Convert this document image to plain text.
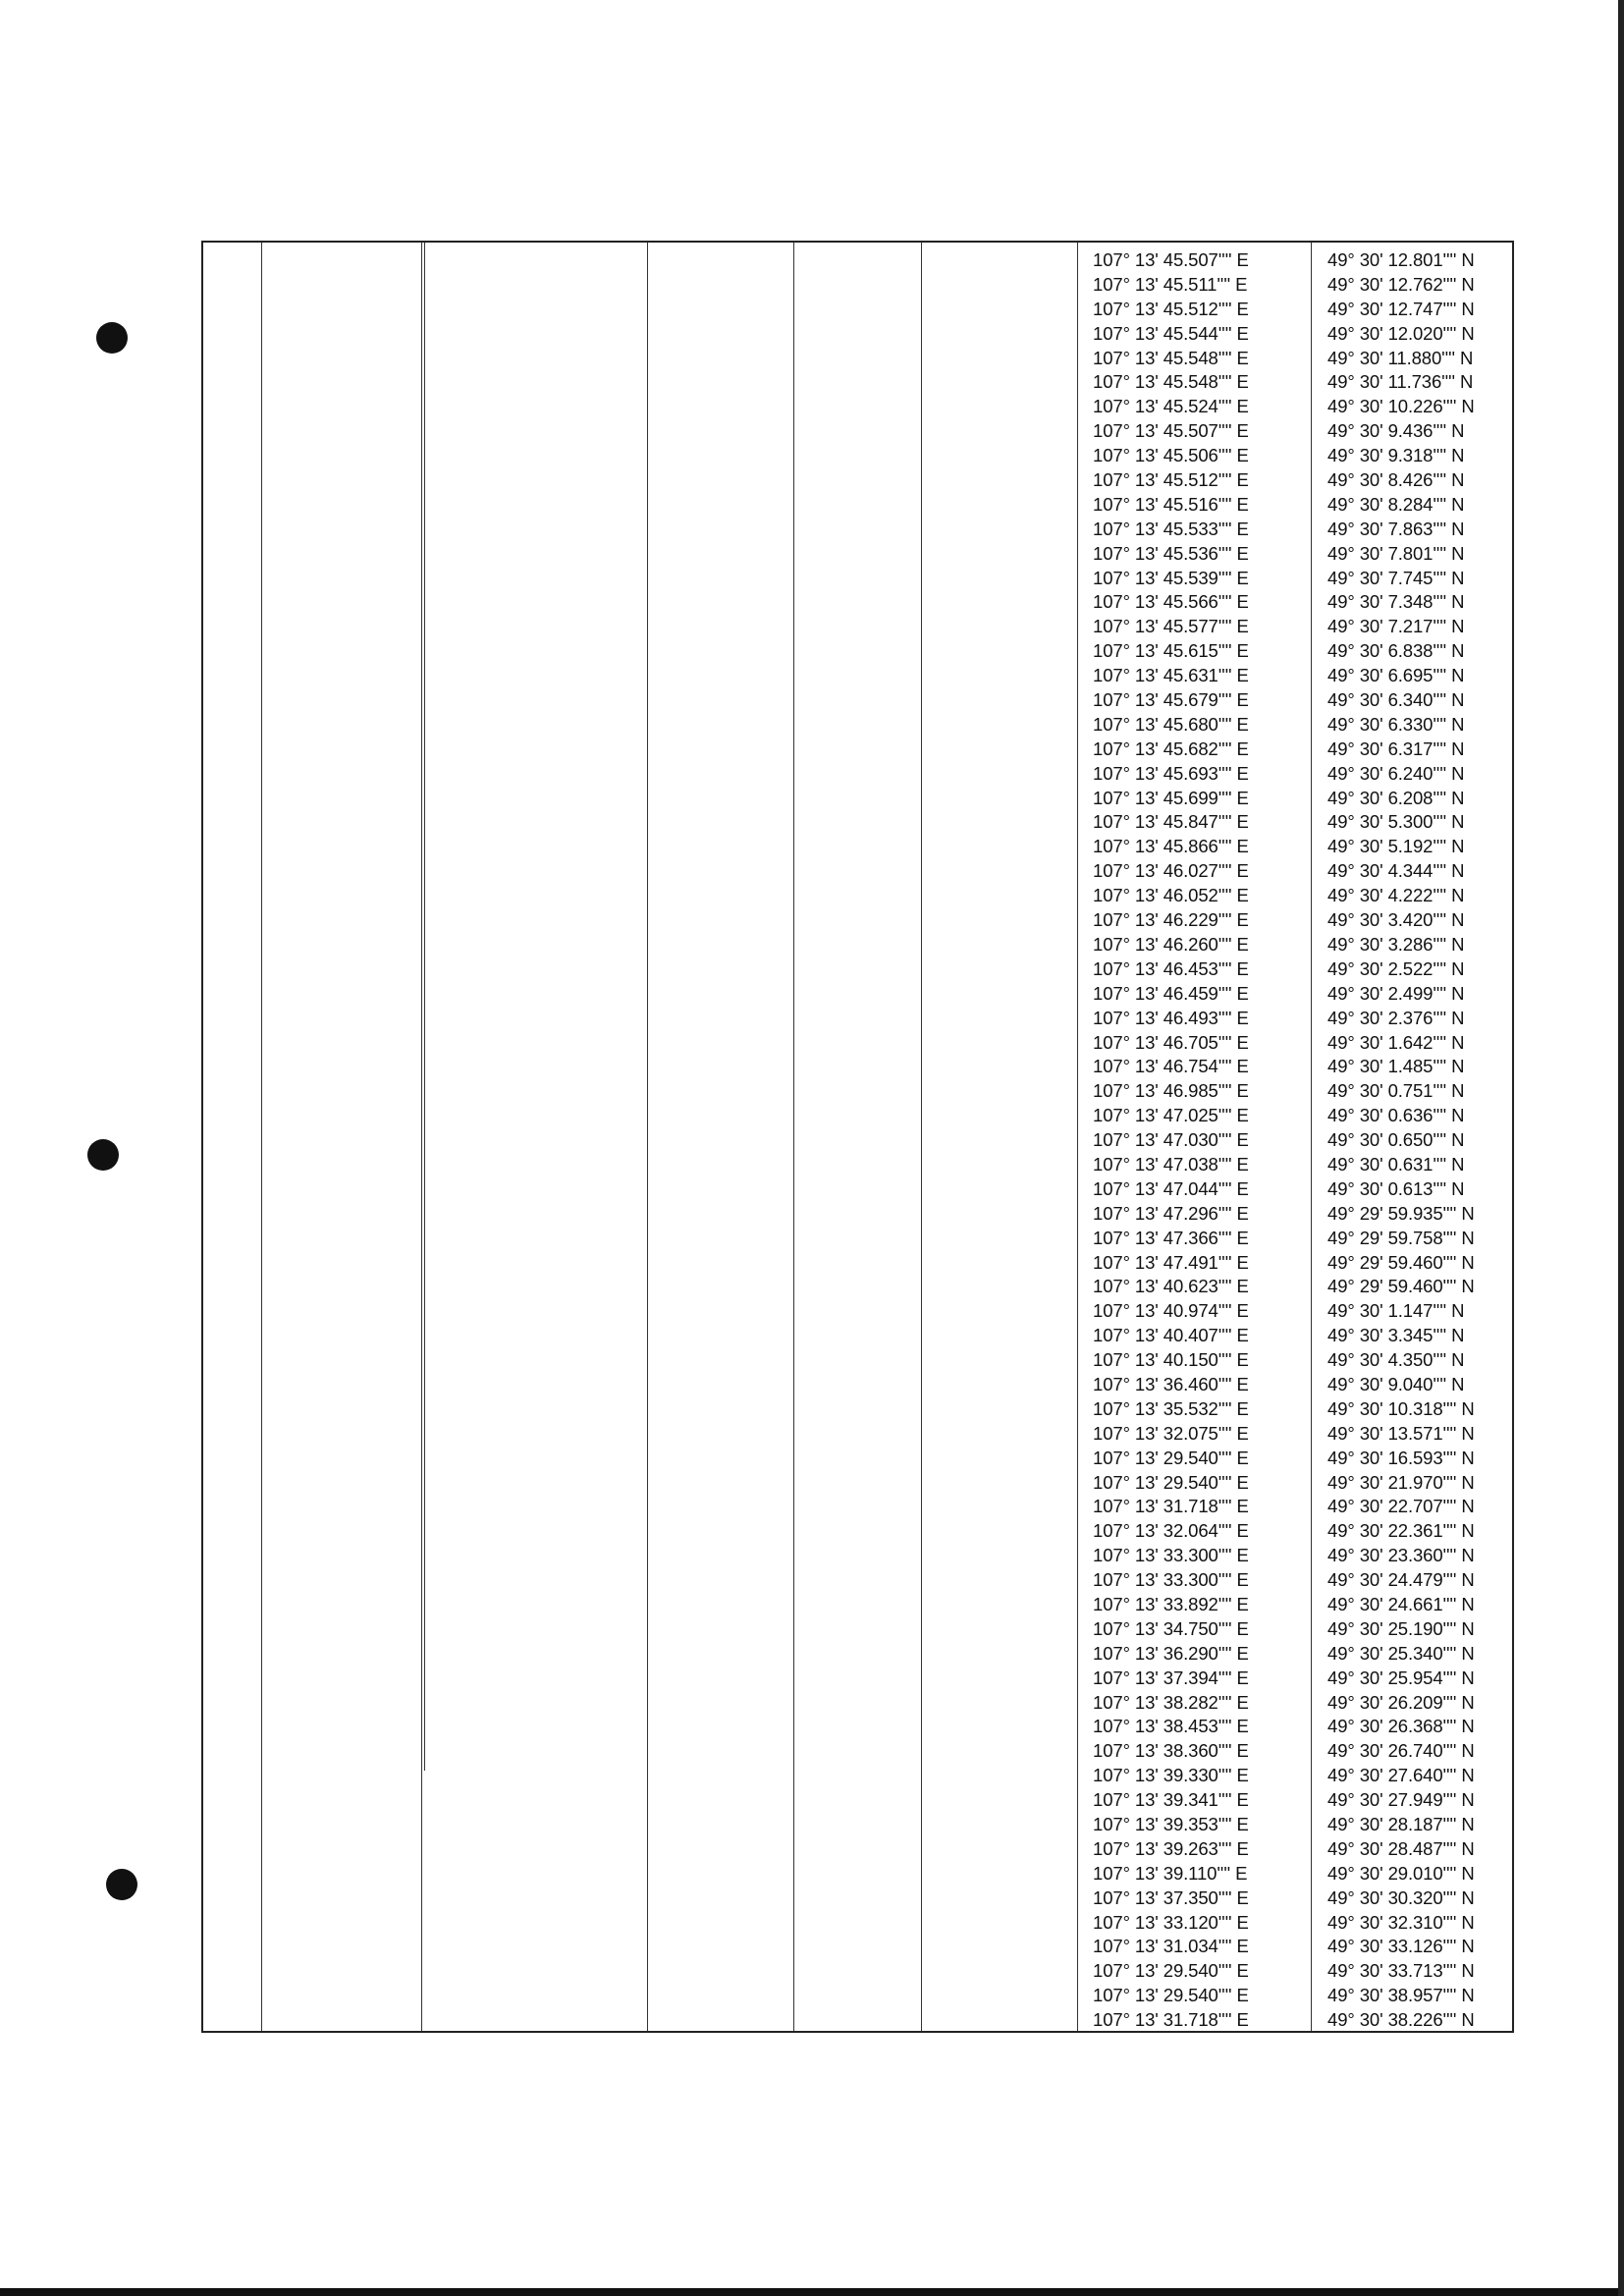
107° 13' 45.507'''' E
107° 13' 45.511'''' E
107° 13' 45.512'''' E
107° 13' 45.544'''' E
107° 13' 45.548'''' E
107° 13' 45.548'''' E
107° 13' 45.524'''' E
107° 13' 45.507'''' E
107° 13' 45.506'''' E
107° 13' 45.512'''' E
107° 13' 45.516'''' E
107° 13' 45.533'''' E
107° 13' 45.536'''' E
107° 13' 45.539'''' E
107° 13' 45.566'''' E
107° 13' 45.577'''' E
107° 13' 45.615'''' E
107° 13' 45.631'''' E
107° 13' 45.679'''' E
107° 13' 45.680'''' E
107° 13' 45.682'''' E
107° 13' 45.693'''' E
107° 13' 45.699'''' E
107° 13' 45.847'''' E
107° 13' 45.866'''' E
107° 13' 46.027'''' E
107° 13' 46.052'''' E
107° 13' 46.229'''' E
107° 13' 46.260'''' E
107° 13' 46.453'''' E
107° 13' 46.459'''' E
107° 13' 46.493'''' E
107° 13' 46.705'''' E
107° 13' 46.754'''' E
107° 13' 46.985'''' E
107° 13' 47.025'''' E
107° 13' 47.030'''' E
107° 13' 47.038'''' E
107° 13' 47.044'''' E
107° 13' 47.296'''' E
107° 13' 47.366'''' E
107° 13' 47.491'''' E
107° 13' 40.623'''' E
107° 13' 40.974'''' E
107° 13' 40.407'''' E
107° 13' 40.150'''' E
107° 13' 36.460'''' E
107° 13' 35.532'''' E
107° 13' 32.075'''' E
107° 13' 29.540'''' E
107° 13' 29.540'''' E
107° 13' 31.718'''' E
107° 13' 32.064'''' E
107° 13' 33.300'''' E
107° 13' 33.300'''' E
107° 13' 33.892'''' E
107° 13' 34.750'''' E
107° 13' 36.290'''' E
107° 13' 37.394'''' E
107° 13' 38.282'''' E
107° 13' 38.453'''' E
107° 13' 38.360'''' E
107° 13' 39.330'''' E
107° 13' 39.341'''' E
107° 13' 39.353'''' E
107° 13' 39.263'''' E
107° 13' 39.110'''' E
107° 13' 37.350'''' E
107° 13' 33.120'''' E
107° 13' 31.034'''' E
107° 13' 29.540'''' E
107° 13' 29.540'''' E
107° 13' 31.718'''' E
49° 30' 12.801'''' N
49° 30' 12.762'''' N
49° 30' 12.747'''' N
49° 30' 12.020'''' N
49° 30' 11.880'''' N
49° 30' 11.736'''' N
49° 30' 10.226'''' N
49° 30' 9.436'''' N
49° 30' 9.318'''' N
49° 30' 8.426'''' N
49° 30' 8.284'''' N
49° 30' 7.863'''' N
49° 30' 7.801'''' N
49° 30' 7.745'''' N
49° 30' 7.348'''' N
49° 30' 7.217'''' N
49° 30' 6.838'''' N
49° 30' 6.695'''' N
49° 30' 6.340'''' N
49° 30' 6.330'''' N
49° 30' 6.317'''' N
49° 30' 6.240'''' N
49° 30' 6.208'''' N
49° 30' 5.300'''' N
49° 30' 5.192'''' N
49° 30' 4.344'''' N
49° 30' 4.222'''' N
49° 30' 3.420'''' N
49° 30' 3.286'''' N
49° 30' 2.522'''' N
49° 30' 2.499'''' N
49° 30' 2.376'''' N
49° 30' 1.642'''' N
49° 30' 1.485'''' N
49° 30' 0.751'''' N
49° 30' 0.636'''' N
49° 30' 0.650'''' N
49° 30' 0.631'''' N
49° 30' 0.613'''' N
49° 29' 59.935'''' N
49° 29' 59.758'''' N
49° 29' 59.460'''' N
49° 29' 59.460'''' N
49° 30' 1.147'''' N
49° 30' 3.345'''' N
49° 30' 4.350'''' N
49° 30' 9.040'''' N
49° 30' 10.318'''' N
49° 30' 13.571'''' N
49° 30' 16.593'''' N
49° 30' 21.970'''' N
49° 30' 22.707'''' N
49° 30' 22.361'''' N
49° 30' 23.360'''' N
49° 30' 24.479'''' N
49° 30' 24.661'''' N
49° 30' 25.190'''' N
49° 30' 25.340'''' N
49° 30' 25.954'''' N
49° 30' 26.209'''' N
49° 30' 26.368'''' N
49° 30' 26.740'''' N
49° 30' 27.640'''' N
49° 30' 27.949'''' N
49° 30' 28.187'''' N
49° 30' 28.487'''' N
49° 30' 29.010'''' N
49° 30' 30.320'''' N
49° 30' 32.310'''' N
49° 30' 33.126'''' N
49° 30' 33.713'''' N
49° 30' 38.957'''' N
49° 30' 38.226'''' N
